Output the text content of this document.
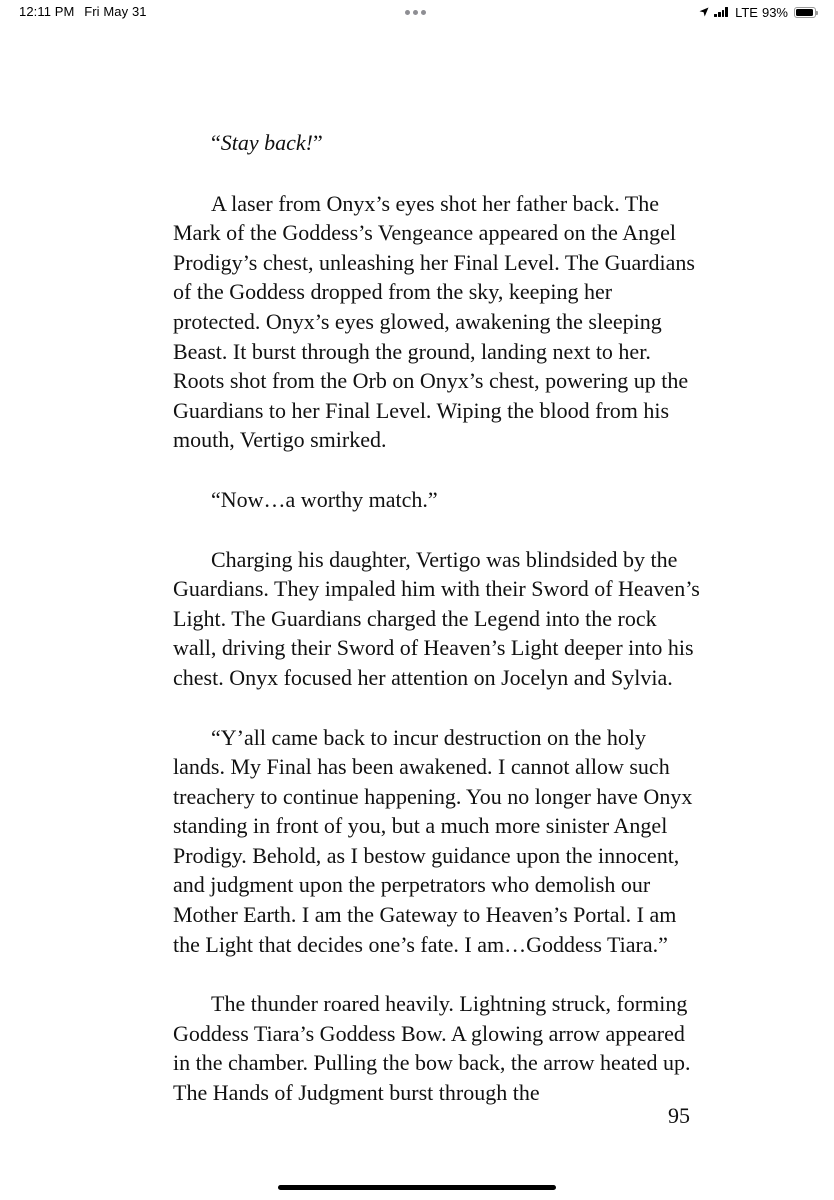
12:11 PM Fri May 31	LTE 93%

“Stay back!”

A laser from Onyx’s eyes shot her father back. The Mark of the Goddess’s Vengeance appeared on the Angel Prodigy’s chest, unleashing her Final Level. The Guardians of the Goddess dropped from the sky, keeping her protected. Onyx’s eyes glowed, awakening the sleeping Beast. It burst through the ground, landing next to her. Roots shot from the Orb on Onyx’s chest, powering up the Guardians to her Final Level. Wiping the blood from his mouth, Vertigo smirked.

“Now…a worthy match.”

Charging his daughter, Vertigo was blindsided by the Guardians. They impaled him with their Sword of Heaven’s Light. The Guardians charged the Legend into the rock wall, driving their Sword of Heaven’s Light deeper into his chest. Onyx focused her attention on Jocelyn and Sylvia.

“Y’all came back to incur destruction on the holy lands. My Final has been awakened. I cannot allow such treachery to continue happening. You no longer have Onyx standing in front of you, but a much more sinister Angel Prodigy. Behold, as I bestow guidance upon the innocent, and judgment upon the perpetrators who demolish our Mother Earth. I am the Gateway to Heaven’s Portal. I am the Light that decides one’s fate. I am…Goddess Tiara.”

The thunder roared heavily. Lightning struck, forming Goddess Tiara’s Goddess Bow. A glowing arrow appeared in the chamber. Pulling the bow back, the arrow heated up. The Hands of Judgment burst through the

95
